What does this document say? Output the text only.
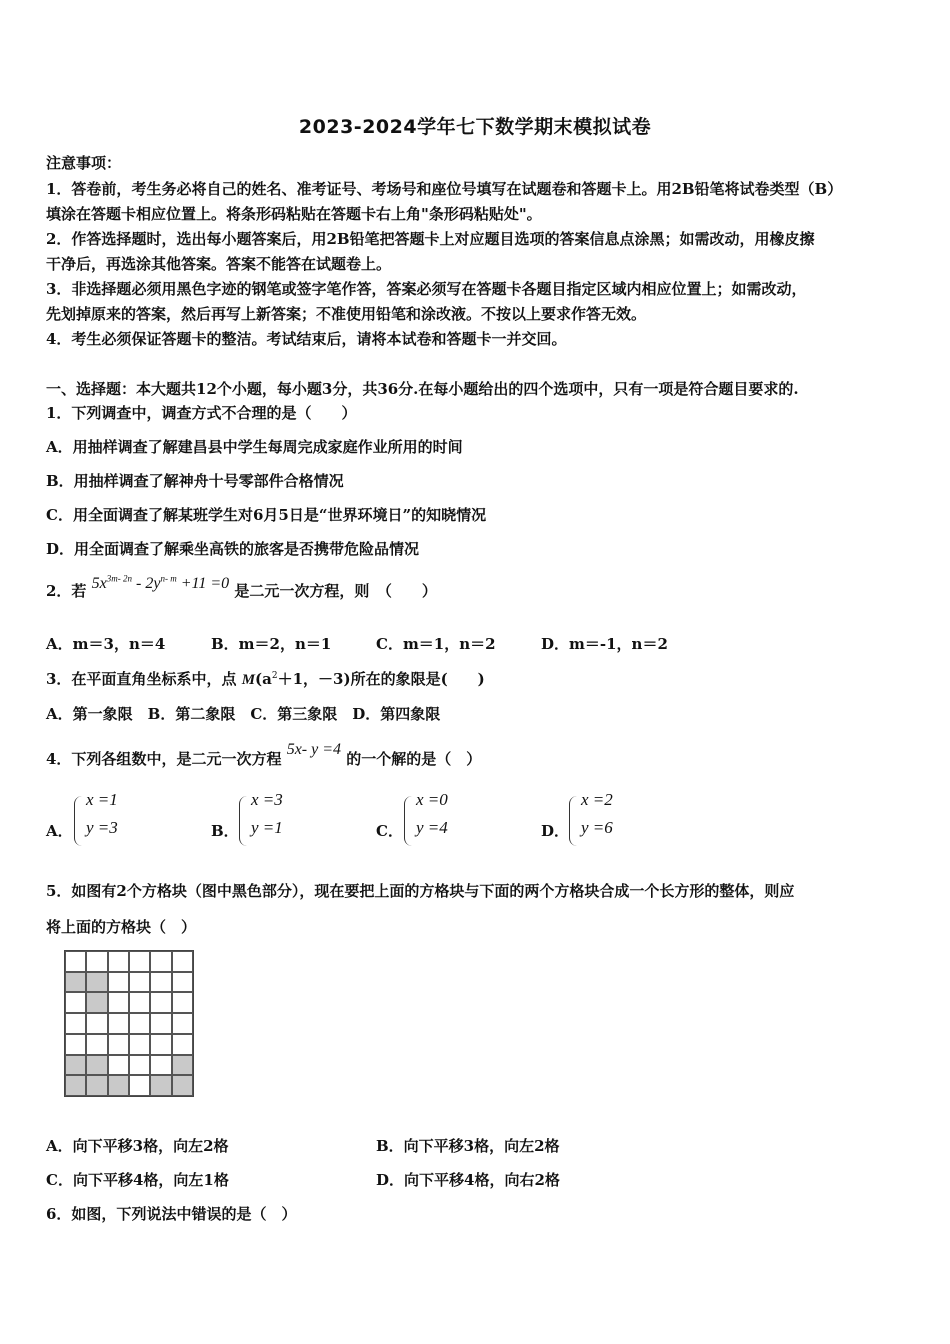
2023-2024学年七下数学期末模拟试卷
注意事项：
1．答卷前，考生务必将自己的姓名、准考证号、考场号和座位号填写在试题卷和答题卡上。用2B铅笔将试卷类型（B）
填涂在答题卡相应位置上。将条形码粘贴在答题卡右上角"条形码粘贴处"。
2．作答选择题时，选出每小题答案后，用2B铅笔把答题卡上对应题目选项的答案信息点涂黑；如需改动，用橡皮擦
干净后，再选涂其他答案。答案不能答在试题卷上。
3．非选择题必须用黑色字迹的钢笔或签字笔作答，答案必须写在答题卡各题目指定区域内相应位置上；如需改动，
先划掉原来的答案，然后再写上新答案；不准使用铅笔和涂改液。不按以上要求作答无效。
4．考生必须保证答题卡的整洁。考试结束后，请将本试卷和答题卡一并交回。
一、选择题：本大题共12个小题，每小题3分，共36分.在每小题给出的四个选项中，只有一项是符合题目要求的.
1．下列调查中，调查方式不合理的是（　　）
A．用抽样调查了解建昌县中学生每周完成家庭作业所用的时间
B．用抽样调查了解神舟十号零部件合格情况
C．用全面调查了解某班学生对6月5日是“世界环境日”的知晓情况
D．用全面调查了解乘坐高铁的旅客是否携带危险品情况
2．若 $5x^{3m- 2n} - 2y^{n- m} +11 =0$ 是二元一次方程，则　（　　）
A．m＝3，n＝4	B．m＝2，n＝1	C．m＝1，n＝2	D．m＝-1，n＝2
3．在平面直角坐标系中，点 $M(a^2+1$，－3)所在的象限是(　　)
A．第一象限　B．第二象限　C．第三象限　D．第四象限
4．下列各组数中，是二元一次方程 5x- y =4 的一个解的是（　）
A．
x =1
y =3	B．
x =3
y =1	C．
x =0
y =4	D．
x =2
y =6
5．如图有2个方格块（图中黑色部分），现在要把上面的方格块与下面的两个方格块合成一个长方形的整体，则应
将上面的方格块（　）
A．向下平移3格，向左2格	B．向下平移3格，向左2格
C．向下平移4格，向左1格	D．向下平移4格，向右2格
6．如图，下列说法中错误的是（　）
